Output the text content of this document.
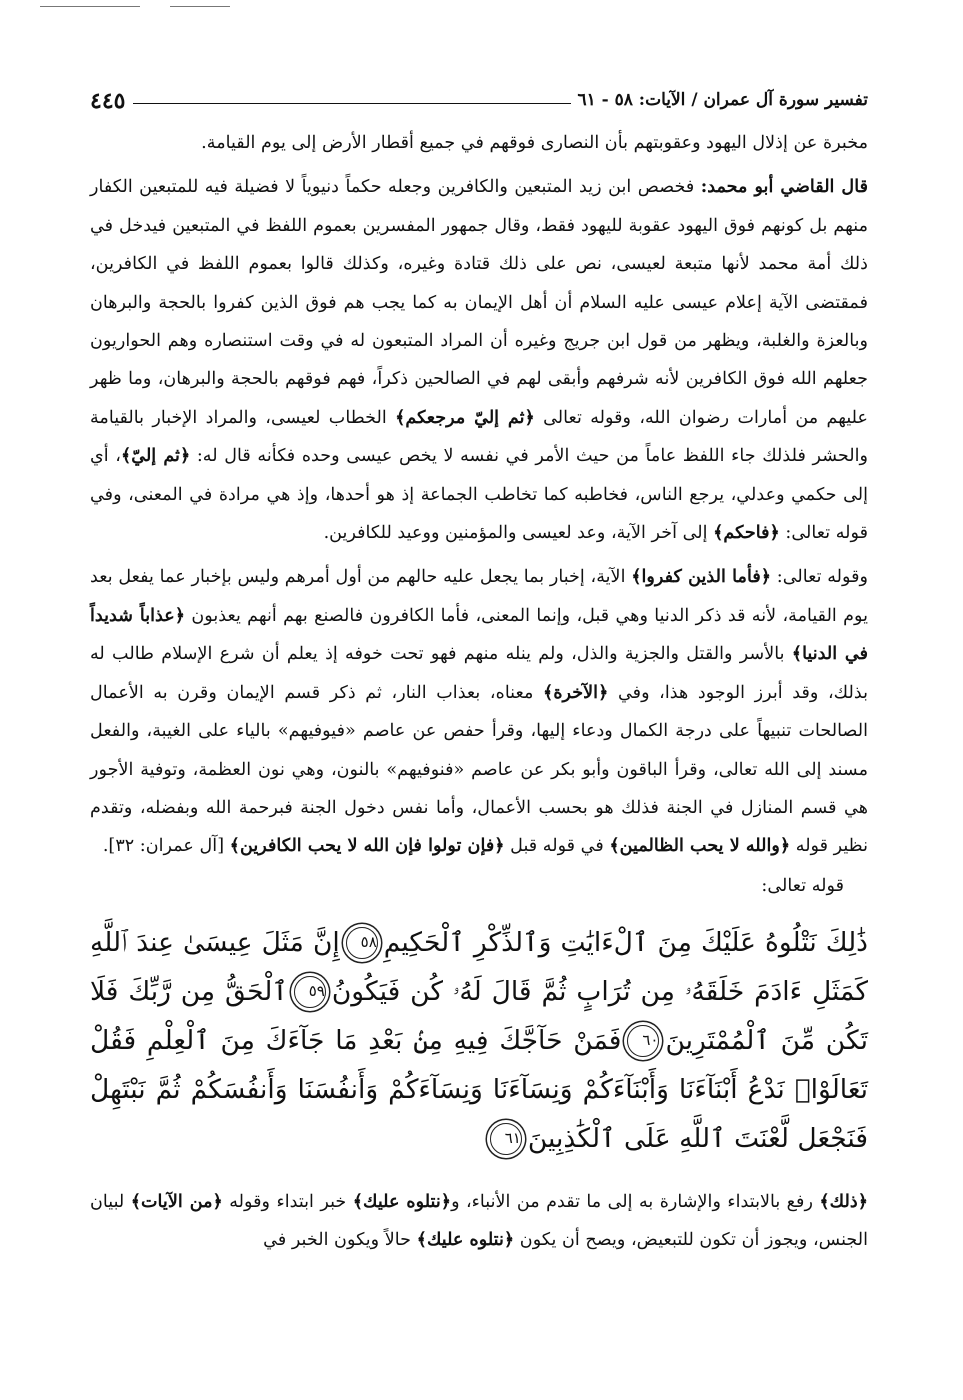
تفسير سورة آل عمران / الآيات: ٥٨ - ٦١
٤٤٥
مخبرة عن إذلال اليهود وعقوبتهم بأن النصارى فوقهم في جميع أقطار الأرض إلى يوم القيامة.
قال القاضي أبو محمد: فخصص ابن زيد المتبعين والكافرين وجعله حكماً دنيوياً لا فضيلة فيه للمتبعين الكفار منهم بل كونهم فوق اليهود عقوبة لليهود فقط، وقال جمهور المفسرين بعموم اللفظ في المتبعين فيدخل في ذلك أمة محمد لأنها متبعة لعيسى، نص على ذلك قتادة وغيره، وكذلك قالوا بعموم اللفظ في الكافرين، فمقتضى الآية إعلام عيسى عليه السلام أن أهل الإيمان به كما يجب هم فوق الذين كفروا بالحجة والبرهان وبالعزة والغلبة، ويظهر من قول ابن جريج وغيره أن المراد المتبعون له في وقت استنصاره وهم الحواريون جعلهم الله فوق الكافرين لأنه شرفهم وأبقى لهم في الصالحين ذكراً، فهم فوقهم بالحجة والبرهان، وما ظهر عليهم من أمارات رضوان الله، وقوله تعالى ﴿ثم إليّ مرجعكم﴾ الخطاب لعيسى، والمراد الإخبار بالقيامة والحشر فلذلك جاء اللفظ عاماً من حيث الأمر في نفسه لا يخص عيسى وحده فكأنه قال له: ﴿ثم إليّ﴾، أي إلى حكمي وعدلي، يرجع الناس، فخاطبه كما تخاطب الجماعة إذ هو أحدها، وإذ هي مرادة في المعنى، وفي قوله تعالى: ﴿فاحكم﴾ إلى آخر الآية، وعد لعيسى والمؤمنين ووعيد للكافرين.
وقوله تعالى: ﴿فأما الذين كفروا﴾ الآية، إخبار بما يجعل عليه حالهم من أول أمرهم وليس بإخبار عما يفعل بعد يوم القيامة، لأنه قد ذكر الدنيا وهي قبل، وإنما المعنى، فأما الكافرون فالصنع بهم أنهم يعذبون ﴿عذاباً شديداً في الدنيا﴾ بالأسر والقتل والجزية والذل، ولم ينله منهم فهو تحت خوفه إذ يعلم أن شرع الإسلام طالب له بذلك، وقد أبرز الوجود هذا، وفي ﴿الآخرة﴾ معناه، بعذاب النار، ثم ذكر قسم الإيمان وقرن به الأعمال الصالحات تنبيهاً على درجة الكمال ودعاء إليها، وقرأ حفص عن عاصم «فيوفيهم» بالياء على الغيبة، والفعل مسند إلى الله تعالى، وقرأ الباقون وأبو بكر عن عاصم «فنوفيهم» بالنون، وهي نون العظمة، وتوفية الأجور هي قسم المنازل في الجنة فذلك هو بحسب الأعمال، وأما نفس دخول الجنة فبرحمة الله وبفضله، وتقدم نظير قوله ﴿والله لا يحب الظالمين﴾ في قوله قبل ﴿فإن تولوا فإن الله لا يحب الكافرين﴾ [آل عمران: ٣٢].
قوله تعالى:
ذَٰلِكَ نَتْلُوهُ عَلَيْكَ مِنَ ٱلْءَايَٰتِ وَٱلذِّكْرِ ٱلْحَكِيمِ٥٨إِنَّ مَثَلَ عِيسَىٰ عِندَ ٱللَّهِ كَمَثَلِ ءَادَمَ خَلَقَهُۥ مِن تُرَابٍ ثُمَّ قَالَ لَهُۥ كُن فَيَكُونُ٥٩ٱلْحَقُّ مِن رَّبِّكَ فَلَا تَكُن مِّنَ ٱلْمُمْتَرِينَ٦٠فَمَنْ حَآجَّكَ فِيهِ مِنۢ بَعْدِ مَا جَآءَكَ مِنَ ٱلْعِلْمِ فَقُلْ تَعَالَوْا۟ نَدْعُ أَبْنَآءَنَا وَأَبْنَآءَكُمْ وَنِسَآءَنَا وَنِسَآءَكُمْ وَأَنفُسَنَا وَأَنفُسَكُمْ ثُمَّ نَبْتَهِلْ فَنَجْعَل لَّعْنَتَ ٱللَّهِ عَلَى ٱلْكَٰذِبِينَ٦١
﴿ذلك﴾ رفع بالابتداء والإشارة به إلى ما تقدم من الأنباء، و﴿نتلوه عليك﴾ خبر ابتداء وقوله ﴿من الآيات﴾ لبيان الجنس، ويجوز أن تكون للتبعيض، ويصح أن يكون ﴿نتلوه عليك﴾ حالاً ويكون الخبر في
